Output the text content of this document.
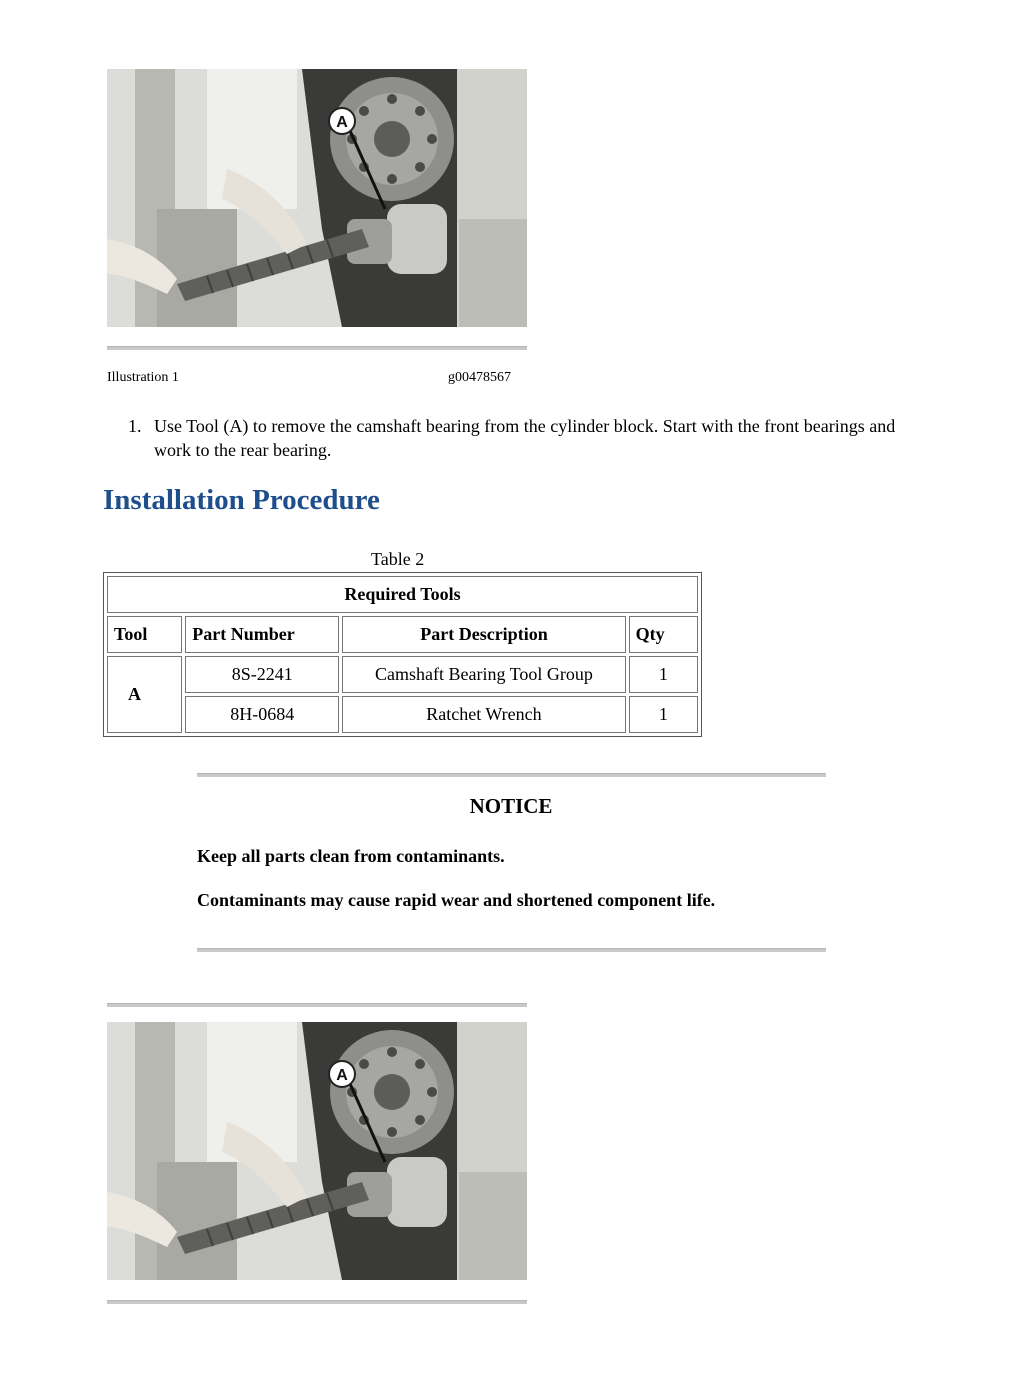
A
Illustration 1	g00478567
1. Use Tool (A) to remove the camshaft bearing from the cylinder block. Start with the front bearings and work to the rear bearing.
Installation Procedure
Table 2
Required Tools			
Tool	Part Number	Part Description	Qty
A	8S-2241	Camshaft Bearing Tool Group	1
	8H-0684	Ratchet Wrench	1
NOTICE
Keep all parts clean from contaminants.
Contaminants may cause rapid wear and shortened component life.
A
